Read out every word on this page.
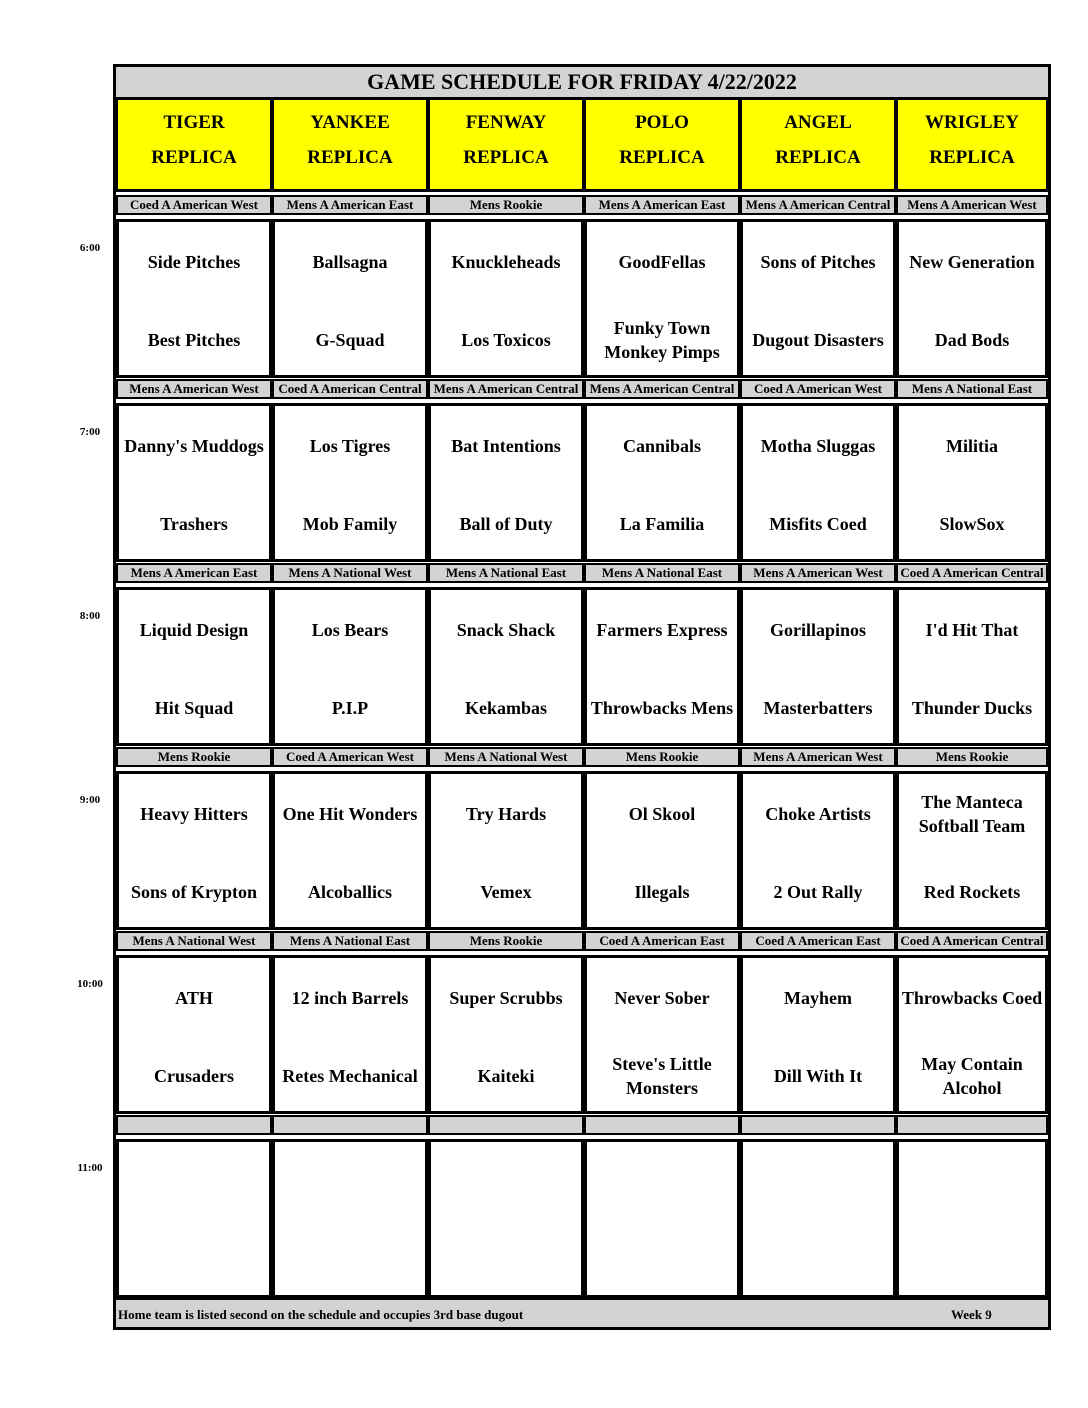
GAME SCHEDULE FOR FRIDAY 4/22/2022
TIGER
REPLICA
YANKEE
REPLICA
FENWAY
REPLICA
POLO
REPLICA
ANGEL
REPLICA
WRIGLEY
REPLICA
Coed A American West
Side Pitches
Best Pitches
Mens A American East
Ballsagna
G-Squad
Mens Rookie
Knuckleheads
Los Toxicos
Mens A American East
GoodFellas
Funky Town Monkey Pimps
Mens A American Central
Sons of Pitches
Dugout Disasters
Mens A American West
New Generation
Dad Bods
Mens A American West
Danny's Muddogs
Trashers
Coed A American Central
Los Tigres
Mob Family
Mens A American Central
Bat Intentions
Ball of Duty
Mens A American Central
Cannibals
La Familia
Coed A American West
Motha Sluggas
Misfits Coed
Mens A National East
Militia
SlowSox
Mens A American East
Liquid Design
Hit Squad
Mens A National West
Los Bears
P.I.P
Mens A National East
Snack Shack
Kekambas
Mens A National East
Farmers Express
Throwbacks Mens
Mens A American West
Gorillapinos
Masterbatters
Coed A American Central
I'd Hit That
Thunder Ducks
Mens Rookie
Heavy Hitters
Sons of Krypton
Coed A American West
One Hit Wonders
Alcoballics
Mens A National West
Try Hards
Vemex
Mens Rookie
Ol Skool
Illegals
Mens A American West
Choke Artists
2 Out Rally
Mens Rookie
The Manteca Softball Team
Red Rockets
Mens A National West
ATH
Crusaders
Mens A National East
12 inch Barrels
Retes Mechanical
Mens Rookie
Super Scrubbs
Kaiteki
Coed A American East
Never Sober
Steve's Little Monsters
Coed A American East
Mayhem
Dill With It
Coed A American Central
Throwbacks Coed
May Contain Alcohol
Home team is listed second on the schedule and occupies 3rd base dugout	Week 9
6:00
7:00
8:00
9:00
10:00
11:00
